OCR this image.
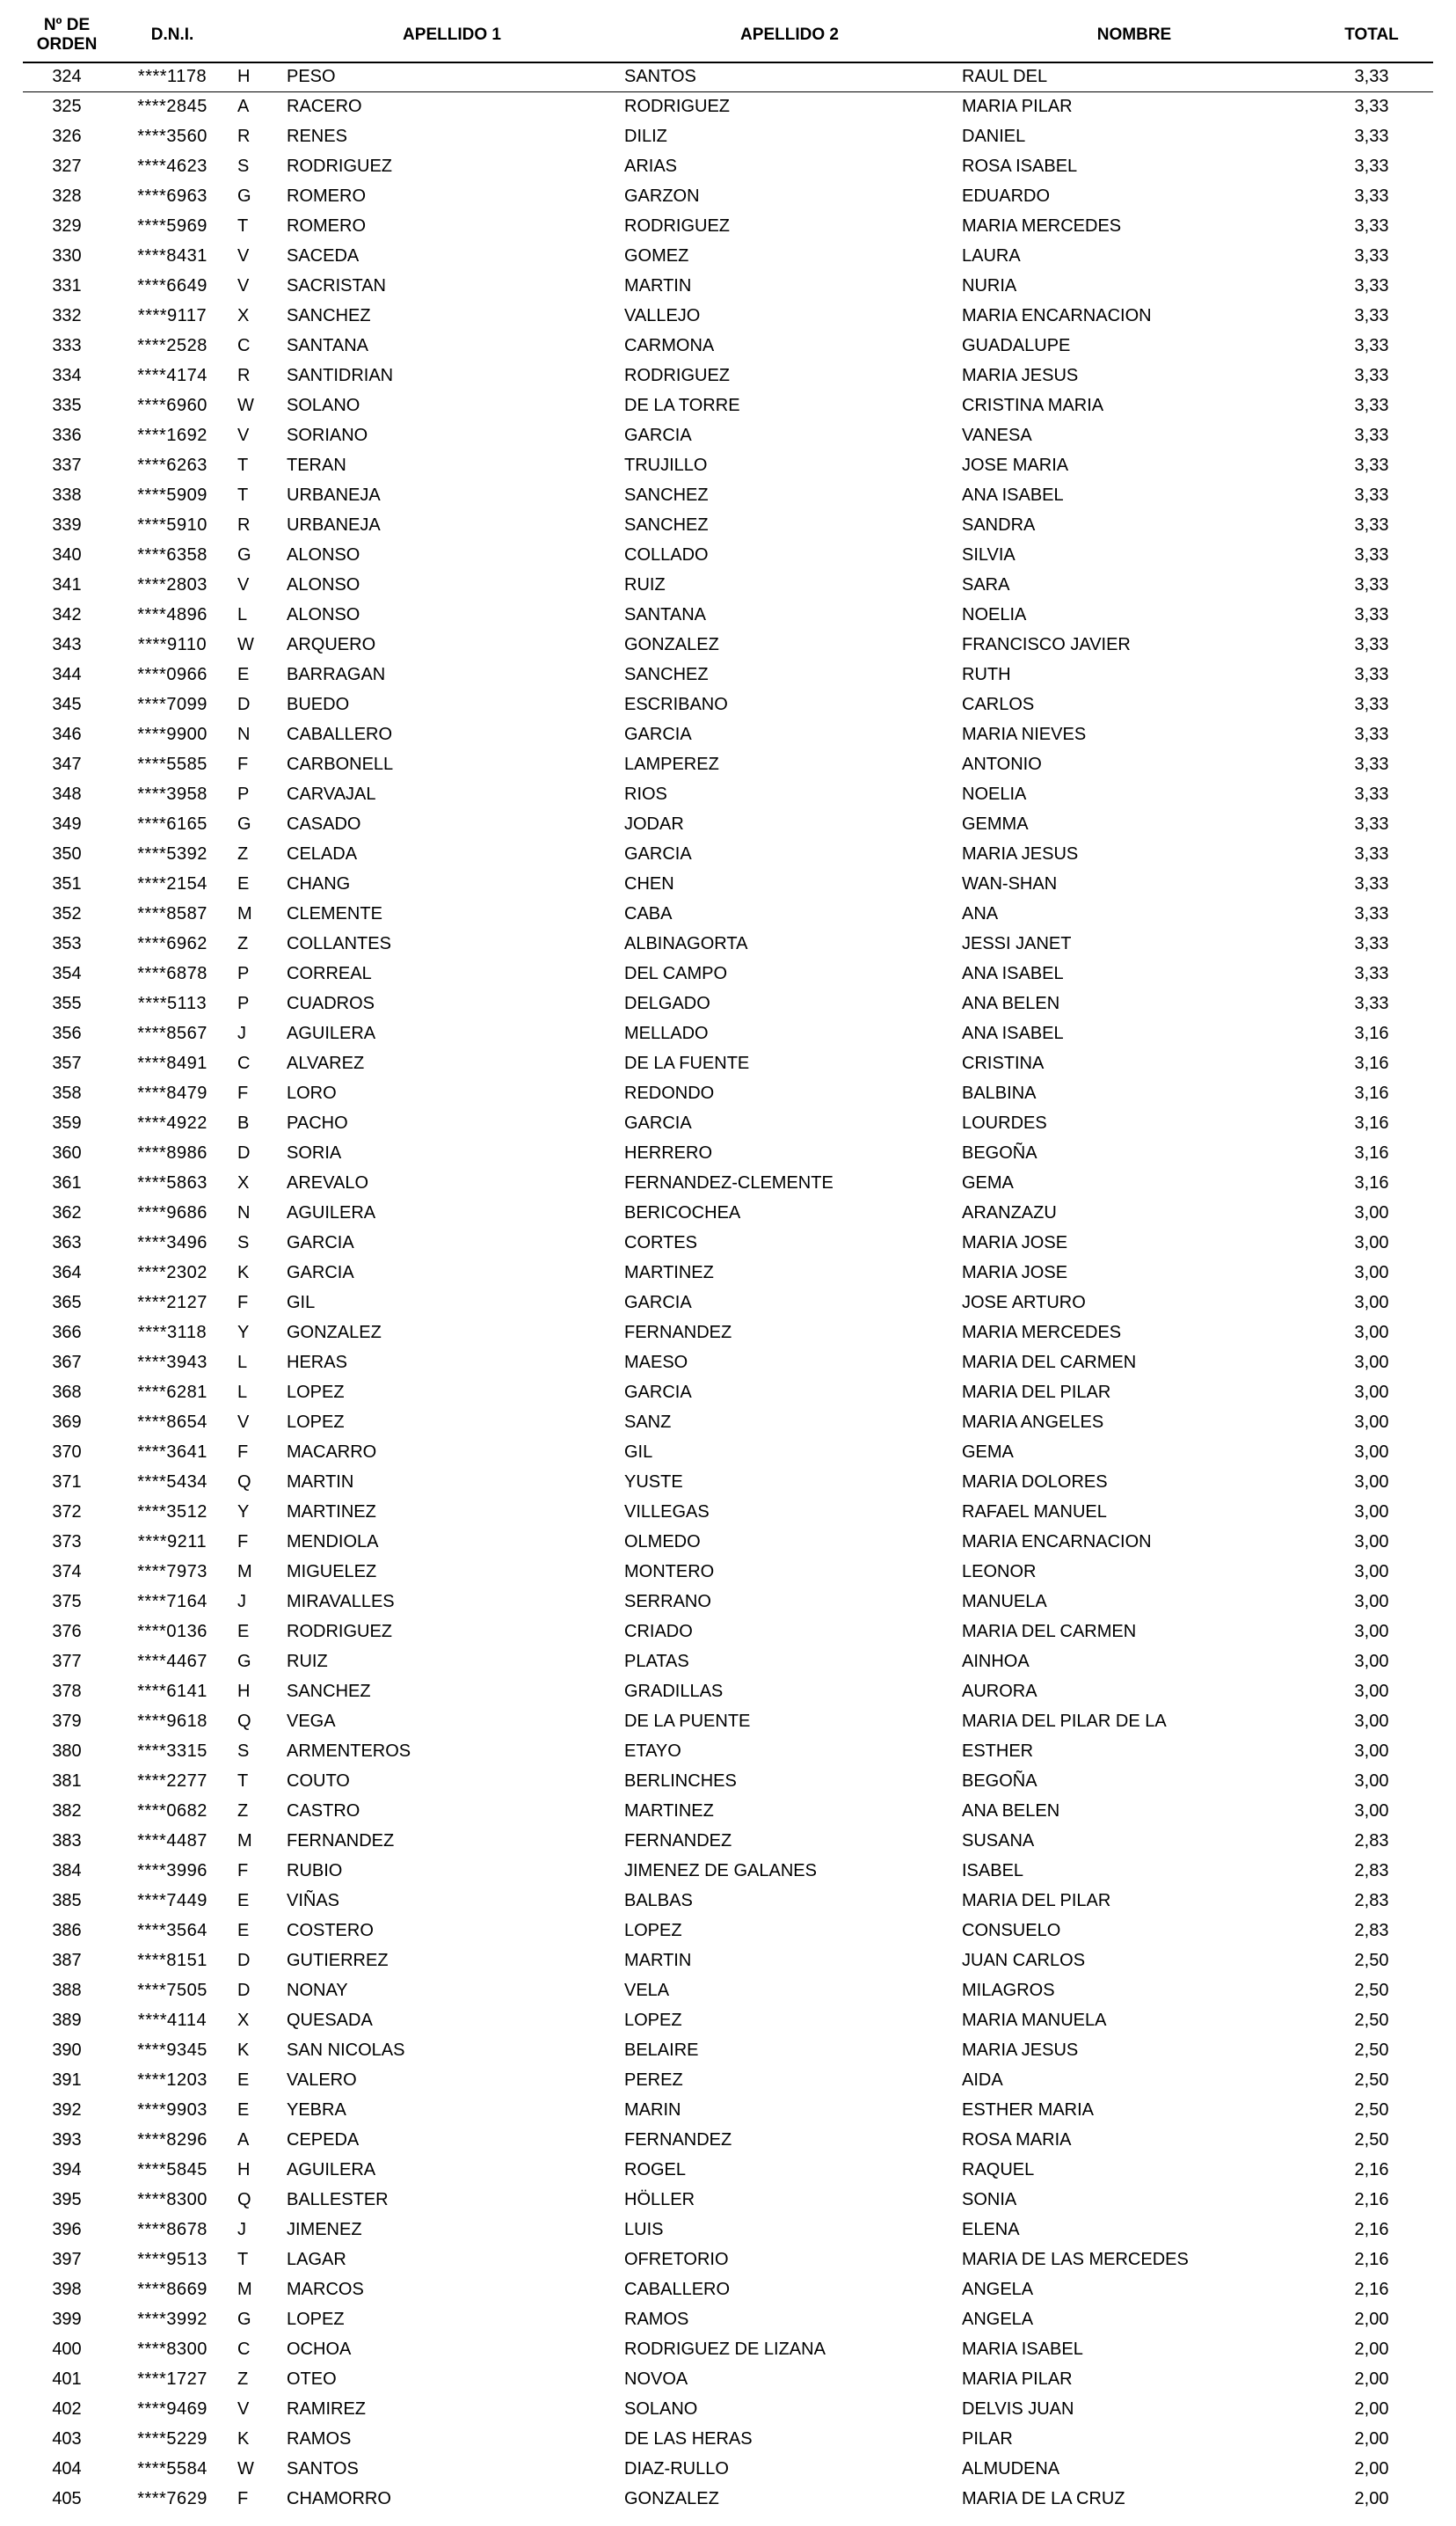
Nº DE ORDEN	D.N.I.		APELLIDO 1	APELLIDO 2	NOMBRE	TOTAL
324	****1178	H	PESO	SANTOS	RAUL DEL	3,33
325	****2845	A	RACERO	RODRIGUEZ	MARIA PILAR	3,33
326	****3560	R	RENES	DILIZ	DANIEL	3,33
327	****4623	S	RODRIGUEZ	ARIAS	ROSA ISABEL	3,33
328	****6963	G	ROMERO	GARZON	EDUARDO	3,33
329	****5969	T	ROMERO	RODRIGUEZ	MARIA MERCEDES	3,33
330	****8431	V	SACEDA	GOMEZ	LAURA	3,33
331	****6649	V	SACRISTAN	MARTIN	NURIA	3,33
332	****9117	X	SANCHEZ	VALLEJO	MARIA ENCARNACION	3,33
333	****2528	C	SANTANA	CARMONA	GUADALUPE	3,33
334	****4174	R	SANTIDRIAN	RODRIGUEZ	MARIA JESUS	3,33
335	****6960	W	SOLANO	DE LA TORRE	CRISTINA MARIA	3,33
336	****1692	V	SORIANO	GARCIA	VANESA	3,33
337	****6263	T	TERAN	TRUJILLO	JOSE MARIA	3,33
338	****5909	T	URBANEJA	SANCHEZ	ANA ISABEL	3,33
339	****5910	R	URBANEJA	SANCHEZ	SANDRA	3,33
340	****6358	G	ALONSO	COLLADO	SILVIA	3,33
341	****2803	V	ALONSO	RUIZ	SARA	3,33
342	****4896	L	ALONSO	SANTANA	NOELIA	3,33
343	****9110	W	ARQUERO	GONZALEZ	FRANCISCO JAVIER	3,33
344	****0966	E	BARRAGAN	SANCHEZ	RUTH	3,33
345	****7099	D	BUEDO	ESCRIBANO	CARLOS	3,33
346	****9900	N	CABALLERO	GARCIA	MARIA NIEVES	3,33
347	****5585	F	CARBONELL	LAMPEREZ	ANTONIO	3,33
348	****3958	P	CARVAJAL	RIOS	NOELIA	3,33
349	****6165	G	CASADO	JODAR	GEMMA	3,33
350	****5392	Z	CELADA	GARCIA	MARIA JESUS	3,33
351	****2154	E	CHANG	CHEN	WAN-SHAN	3,33
352	****8587	M	CLEMENTE	CABA	ANA	3,33
353	****6962	Z	COLLANTES	ALBINAGORTA	JESSI JANET	3,33
354	****6878	P	CORREAL	DEL CAMPO	ANA ISABEL	3,33
355	****5113	P	CUADROS	DELGADO	ANA BELEN	3,33
356	****8567	J	AGUILERA	MELLADO	ANA ISABEL	3,16
357	****8491	C	ALVAREZ	DE LA FUENTE	CRISTINA	3,16
358	****8479	F	LORO	REDONDO	BALBINA	3,16
359	****4922	B	PACHO	GARCIA	LOURDES	3,16
360	****8986	D	SORIA	HERRERO	BEGOÑA	3,16
361	****5863	X	AREVALO	FERNANDEZ-CLEMENTE	GEMA	3,16
362	****9686	N	AGUILERA	BERICOCHEA	ARANZAZU	3,00
363	****3496	S	GARCIA	CORTES	MARIA JOSE	3,00
364	****2302	K	GARCIA	MARTINEZ	MARIA JOSE	3,00
365	****2127	F	GIL	GARCIA	JOSE ARTURO	3,00
366	****3118	Y	GONZALEZ	FERNANDEZ	MARIA MERCEDES	3,00
367	****3943	L	HERAS	MAESO	MARIA DEL CARMEN	3,00
368	****6281	L	LOPEZ	GARCIA	MARIA DEL PILAR	3,00
369	****8654	V	LOPEZ	SANZ	MARIA ANGELES	3,00
370	****3641	F	MACARRO	GIL	GEMA	3,00
371	****5434	Q	MARTIN	YUSTE	MARIA DOLORES	3,00
372	****3512	Y	MARTINEZ	VILLEGAS	RAFAEL MANUEL	3,00
373	****9211	F	MENDIOLA	OLMEDO	MARIA ENCARNACION	3,00
374	****7973	M	MIGUELEZ	MONTERO	LEONOR	3,00
375	****7164	J	MIRAVALLES	SERRANO	MANUELA	3,00
376	****0136	E	RODRIGUEZ	CRIADO	MARIA DEL CARMEN	3,00
377	****4467	G	RUIZ	PLATAS	AINHOA	3,00
378	****6141	H	SANCHEZ	GRADILLAS	AURORA	3,00
379	****9618	Q	VEGA	DE LA PUENTE	MARIA DEL PILAR DE LA	3,00
380	****3315	S	ARMENTEROS	ETAYO	ESTHER	3,00
381	****2277	T	COUTO	BERLINCHES	BEGOÑA	3,00
382	****0682	Z	CASTRO	MARTINEZ	ANA BELEN	3,00
383	****4487	M	FERNANDEZ	FERNANDEZ	SUSANA	2,83
384	****3996	F	RUBIO	JIMENEZ DE GALANES	ISABEL	2,83
385	****7449	E	VIÑAS	BALBAS	MARIA DEL PILAR	2,83
386	****3564	E	COSTERO	LOPEZ	CONSUELO	2,83
387	****8151	D	GUTIERREZ	MARTIN	JUAN CARLOS	2,50
388	****7505	D	NONAY	VELA	MILAGROS	2,50
389	****4114	X	QUESADA	LOPEZ	MARIA MANUELA	2,50
390	****9345	K	SAN NICOLAS	BELAIRE	MARIA JESUS	2,50
391	****1203	E	VALERO	PEREZ	AIDA	2,50
392	****9903	E	YEBRA	MARIN	ESTHER MARIA	2,50
393	****8296	A	CEPEDA	FERNANDEZ	ROSA MARIA	2,50
394	****5845	H	AGUILERA	ROGEL	RAQUEL	2,16
395	****8300	Q	BALLESTER	HÖLLER	SONIA	2,16
396	****8678	J	JIMENEZ	LUIS	ELENA	2,16
397	****9513	T	LAGAR	OFRETORIO	MARIA DE LAS MERCEDES	2,16
398	****8669	M	MARCOS	CABALLERO	ANGELA	2,16
399	****3992	G	LOPEZ	RAMOS	ANGELA	2,00
400	****8300	C	OCHOA	RODRIGUEZ DE LIZANA	MARIA ISABEL	2,00
401	****1727	Z	OTEO	NOVOA	MARIA PILAR	2,00
402	****9469	V	RAMIREZ	SOLANO	DELVIS JUAN	2,00
403	****5229	K	RAMOS	DE LAS HERAS	PILAR	2,00
404	****5584	W	SANTOS	DIAZ-RULLO	ALMUDENA	2,00
405	****7629	F	CHAMORRO	GONZALEZ	MARIA DE LA CRUZ	2,00
